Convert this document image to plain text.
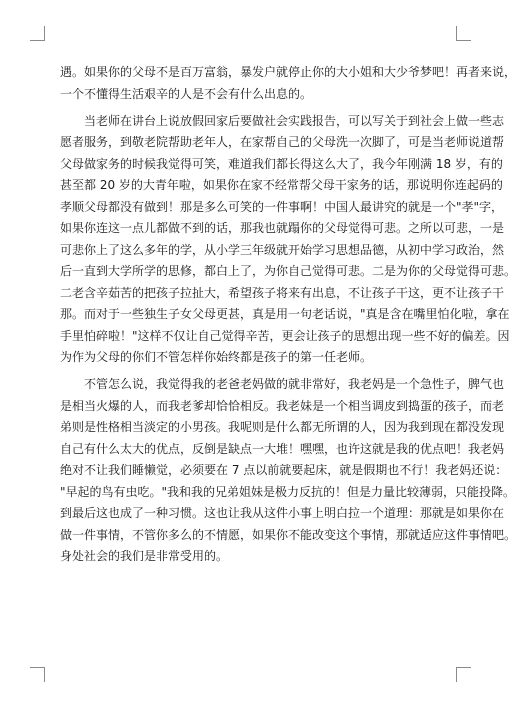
遇。如果你的父母不是百万富翁，暴发户就停止你的大小姐和大少爷梦吧！再者来说，
一个不懂得生活艰辛的人是不会有什么出息的。
　　当老师在讲台上说放假回家后要做社会实践报告，可以写关于到社会上做一些志
愿者服务，到敬老院帮助老年人，在家帮自己的父母洗一次脚了，可是当老师说道帮
父母做家务的时候我觉得可笑，难道我们都长得这么大了，我今年刚满 18 岁，有的
甚至都 20 岁的大青年啦，如果你在家不经常帮父母干家务的话，那说明你连起码的
孝顺父母都没有做到！那是多么可笑的一件事啊！中国人最讲究的就是一个"孝"字，
如果你连这一点儿都做不到的话，那我也就蹋你的父母觉得可悲。之所以可悲，一是
可悲你上了这么多年的学，从小学三年级就开始学习思想品德，从初中学习政治，然
后一直到大学所学的思修，都白上了，为你自己觉得可悲。二是为你的父母觉得可悲。
二老含辛茹苦的把孩子拉扯大，希望孩子将来有出息，不让孩子干这，更不让孩子干
那。而对于一些独生子女父母更甚，真是用一句老话说，"真是含在嘴里怕化啦，拿在
手里怕碎啦！"这样不仅让自己觉得辛苦，更会让孩子的思想出现一些不好的偏差。因
为作为父母的你们不管怎样你始终都是孩子的第一任老师。
　　不管怎么说，我觉得我的老爸老妈做的就非常好，我老妈是一个急性子，脾气也
是相当火爆的人，而我老爹却恰恰相反。我老妹是一个相当调皮到捣蛋的孩子，而老
弟则是性格相当淡定的小男孩。我呢则是什么都无所谓的人，因为我到现在都没发现
自己有什么太大的优点，反倒是缺点一大堆！嘿嘿，也许这就是我的优点吧！我老妈
绝对不让我们睡懒觉，必须要在 7 点以前就要起床，就是假期也不行！我老妈还说：
"早起的鸟有虫吃。"我和我的兄弟姐妹是极力反抗的！但是力量比较薄弱，只能投降。
到最后这也成了一种习惯。这也让我从这件小事上明白拉一个道理：那就是如果你在
做一件事情，不管你多么的不情愿，如果你不能改变这个事情，那就适应这件事情吧。
身处社会的我们是非常受用的。
